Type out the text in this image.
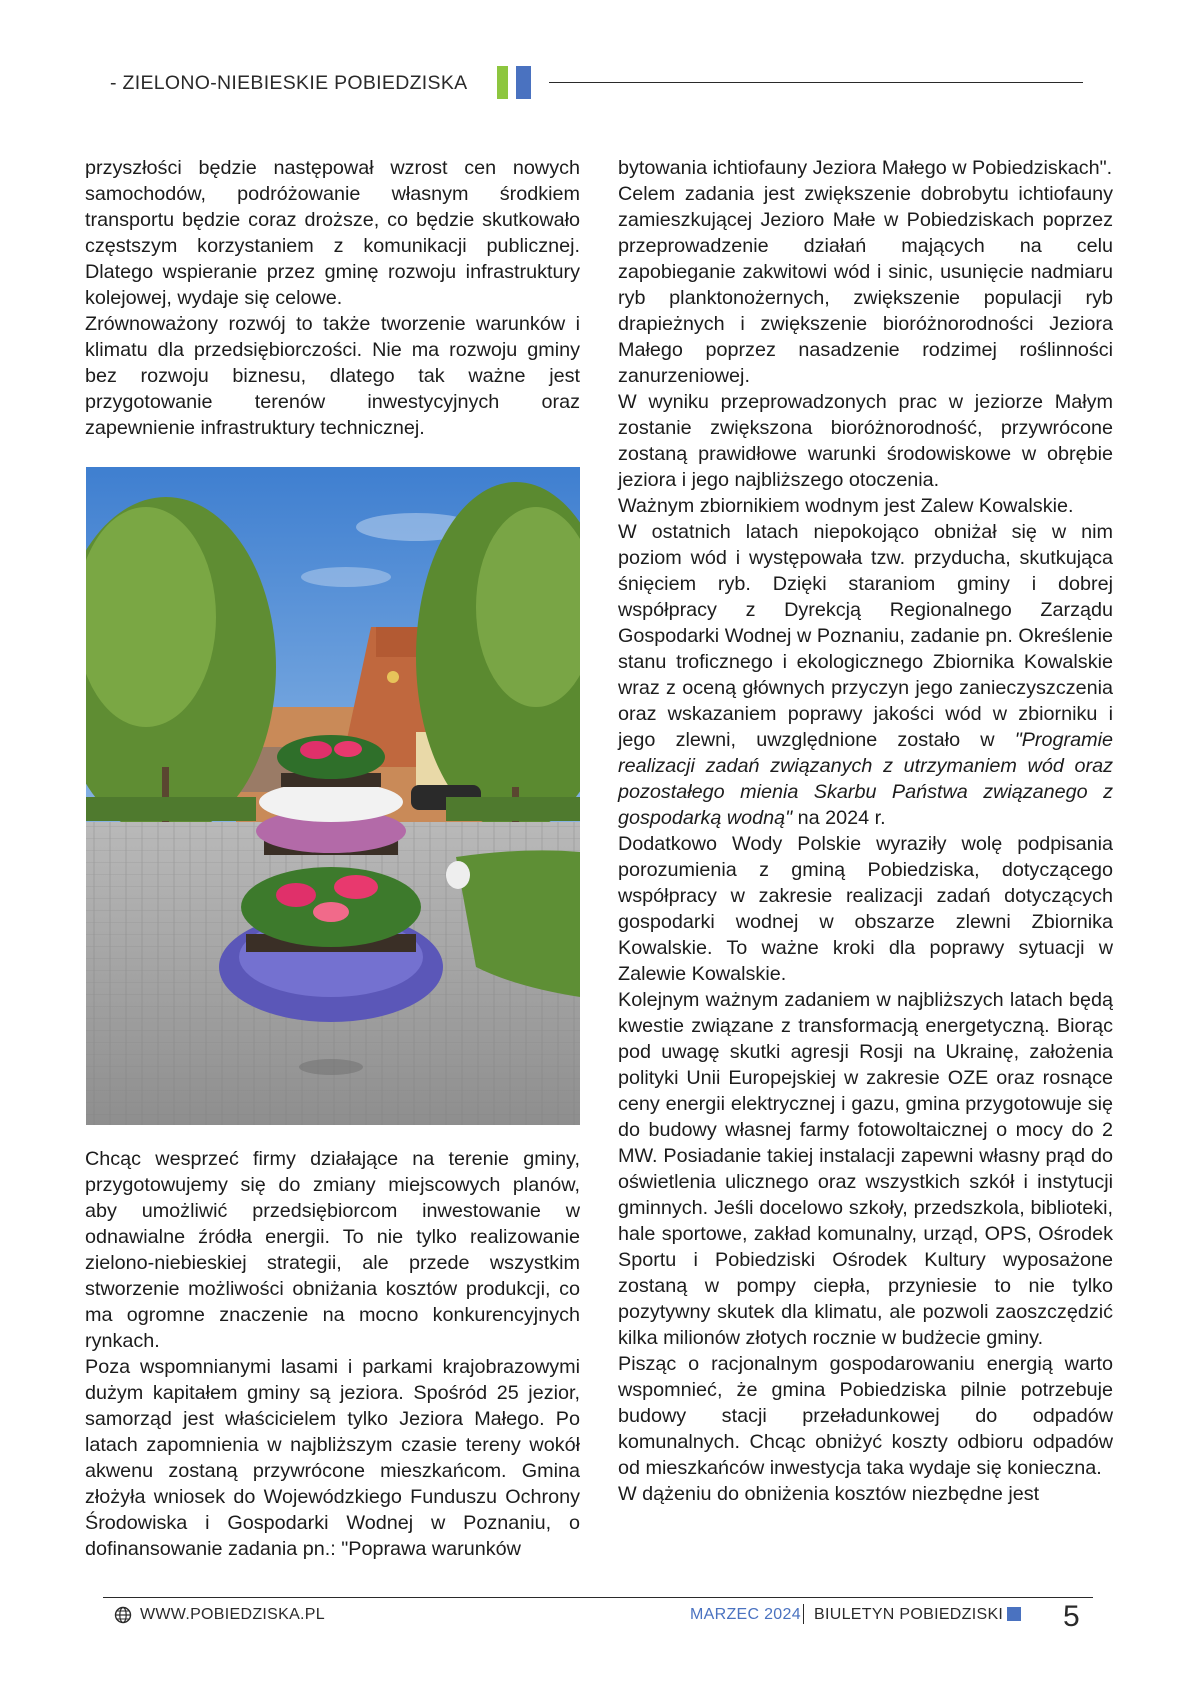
- ZIELONO-NIEBIESKIE POBIEDZISKA

przyszłości będzie następował wzrost cen nowych samochodów, podróżowanie własnym środkiem transportu będzie coraz droższe, co będzie skutkowało częstszym korzystaniem z komunikacji publicznej. Dlatego wspieranie przez gminę rozwoju infrastruktury kolejowej, wydaje się celowe.

Zrównoważony rozwój to także tworzenie warunków i klimatu dla przedsiębiorczości. Nie ma rozwoju gminy bez rozwoju biznesu, dlatego tak ważne jest przygotowanie terenów inwestycyjnych oraz zapewnienie infrastruktury technicznej.

Chcąc wesprzeć firmy działające na terenie gminy, przygotowujemy się do zmiany miejscowych planów, aby umożliwić przedsiębiorcom inwestowanie w odnawialne źródła energii. To nie tylko realizowanie zielono-niebieskiej strategii, ale przede wszystkim stworzenie możliwości obniżania kosztów produkcji, co ma ogromne znaczenie na mocno konkurencyjnych rynkach.

Poza wspomnianymi lasami i parkami krajobrazowymi dużym kapitałem gminy są jeziora. Spośród 25 jezior, samorząd jest właścicielem tylko Jeziora Małego. Po latach zapomnienia w najbliższym czasie tereny wokół akwenu zostaną przywrócone mieszkańcom. Gmina złożyła wniosek do Wojewódzkiego Funduszu Ochrony Środowiska i Gospodarki Wodnej w Poznaniu, o dofinansowanie zadania pn.: "Poprawa warunków

bytowania ichtiofauny Jeziora Małego w Pobiedziskach".

Celem zadania jest zwiększenie dobrobytu ichtiofauny zamieszkującej Jezioro Małe w Pobiedziskach poprzez przeprowadzenie działań mających na celu zapobieganie zakwitowi wód i sinic, usunięcie nadmiaru ryb planktonożernych, zwiększenie populacji ryb drapieżnych i zwiększenie bioróżnorodności Jeziora Małego poprzez nasadzenie rodzimej roślinności zanurzeniowej.

W wyniku przeprowadzonych prac w jeziorze Małym zostanie zwiększona bioróżnorodność, przywrócone zostaną prawidłowe warunki środowiskowe w obrębie jeziora i jego najbliższego otoczenia.

Ważnym zbiornikiem wodnym jest Zalew Kowalskie.

W ostatnich latach niepokojąco obniżał się w nim poziom wód i występowała tzw. przyducha, skutkująca śnięciem ryb. Dzięki staraniom gminy i dobrej współpracy z Dyrekcją Regionalnego Zarządu Gospodarki Wodnej w Poznaniu, zadanie pn. Określenie stanu troficznego i ekologicznego Zbiornika Kowalskie wraz z oceną głównych przyczyn jego zanieczyszczenia oraz wskazaniem poprawy jakości wód w zbiorniku i jego zlewni, uwzględnione zostało w "Programie realizacji zadań związanych z utrzymaniem wód oraz pozostałego mienia Skarbu Państwa związanego z gospodarką wodną" na 2024 r.

Dodatkowo Wody Polskie wyraziły wolę podpisania porozumienia z gminą Pobiedziska, dotyczącego współpracy w zakresie realizacji zadań dotyczących gospodarki wodnej w obszarze zlewni Zbiornika Kowalskie. To ważne kroki dla poprawy sytuacji w Zalewie Kowalskie.

Kolejnym ważnym zadaniem w najbliższych latach będą kwestie związane z transformacją energetyczną. Biorąc pod uwagę skutki agresji Rosji na Ukrainę, założenia polityki Unii Europejskiej w zakresie OZE oraz rosnące ceny energii elektrycznej i gazu, gmina przygotowuje się do budowy własnej farmy fotowoltaicznej o mocy do 2 MW. Posiadanie takiej instalacji zapewni własny prąd do oświetlenia ulicznego oraz wszystkich szkół i instytucji gminnych. Jeśli docelowo szkoły, przedszkola, biblioteki, hale sportowe, zakład komunalny, urząd, OPS, Ośrodek Sportu i Pobiedziski Ośrodek Kultury wyposażone zostaną w pompy ciepła, przyniesie to nie tylko pozytywny skutek dla klimatu, ale pozwoli zaoszczędzić kilka milionów złotych rocznie w budżecie gminy.

Pisząc o racjonalnym gospodarowaniu energią warto wspomnieć, że gmina Pobiedziska pilnie potrzebuje budowy stacji przeładunkowej do odpadów komunalnych. Chcąc obniżyć koszty odbioru odpadów od mieszkańców inwestycja taka wydaje się konieczna.

W dążeniu do obniżenia kosztów niezbędne jest

WWW.POBIEDZISKA.PL	MARZEC 2024 BIULETYN POBIEDZISKI 5
